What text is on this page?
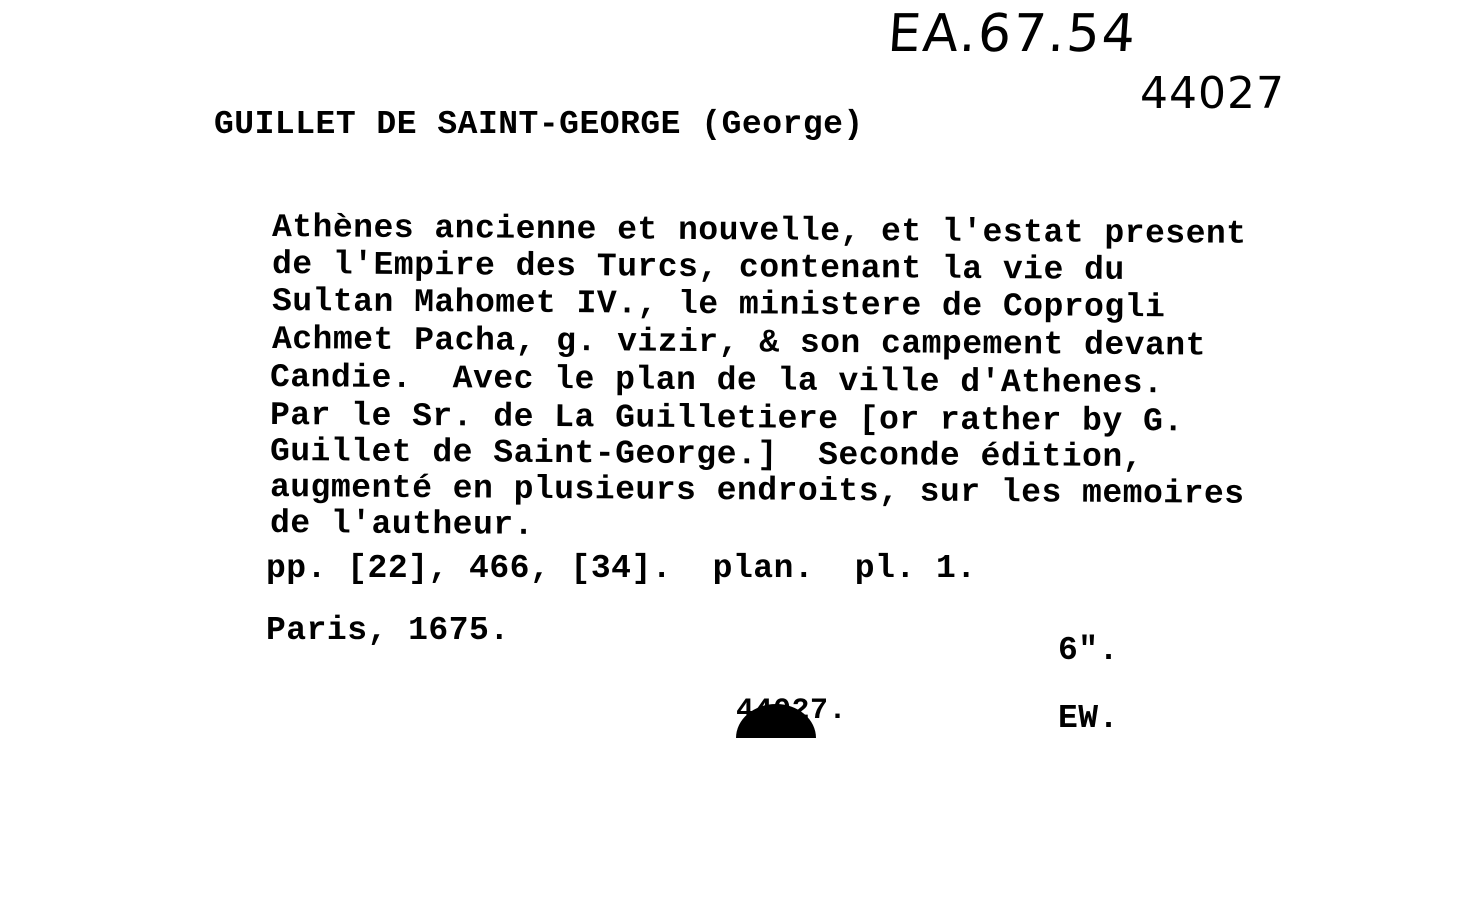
EA.67.54
44027
GUILLET DE SAINT-GEORGE (George)
Athènes ancienne et nouvelle, et l'estat present
de l'Empire des Turcs, contenant la vie du
Sultan Mahomet IV., le ministere de Coprogli
Achmet Pacha, g. vizir, & son campement devant
Candie.  Avec le plan de la ville d'Athenes.
Par le Sr. de La Guilletiere [or rather by G.
Guillet de Saint-George.]  Seconde édition,
augmenté en plusieurs endroits, sur les memoires
de l'autheur.
pp. [22], 466, [34].  plan.  pl. 1.
Paris, 1675.
6".
44027.	EW.
